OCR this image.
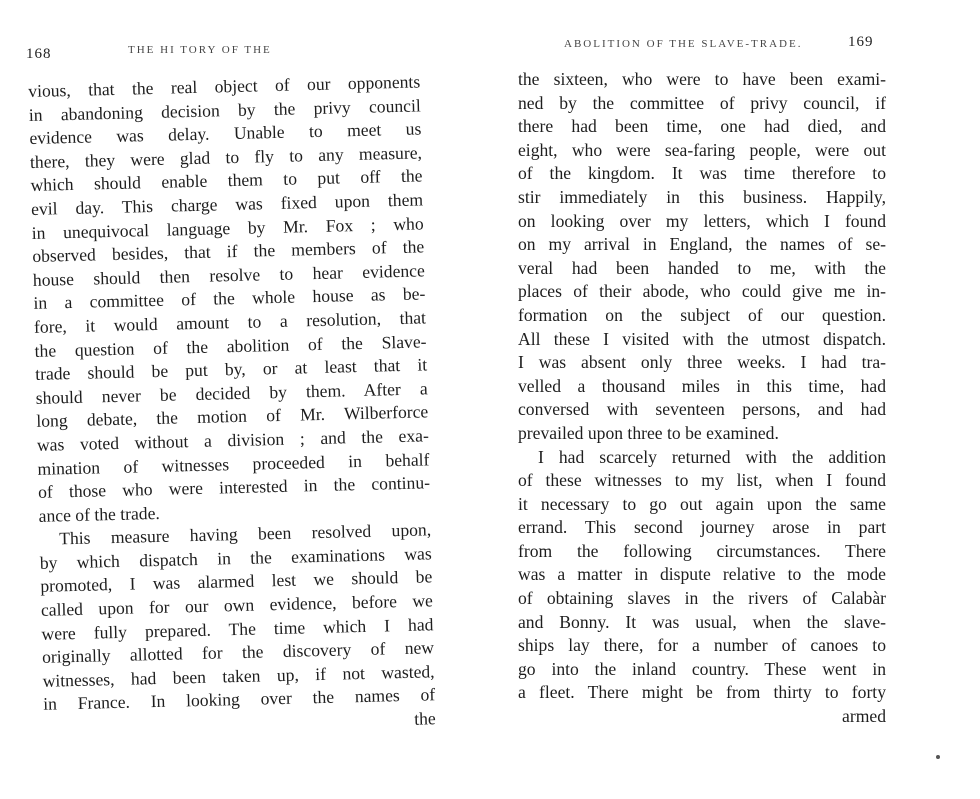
168	THE HI TORY OF THE
vious, that the real object of our opponents
in abandoning decision by the privy council
evidence was delay. Unable to meet us
there, they were glad to fly to any measure,
which should enable them to put off the
evil day. This charge was fixed upon them
in unequivocal language by Mr. Fox ; who
observed besides, that if the members of the
house should then resolve to hear evidence
in a committee of the whole house as be-
fore, it would amount to a resolution, that
the question of the abolition of the Slave-
trade should be put by, or at least that it
should never be decided by them. After a
long debate, the motion of Mr. Wilberforce
was voted without a division ; and the exa-
mination of witnesses proceeded in behalf
of those who were interested in the continu-
ance of the trade.
This measure having been resolved upon,
by which dispatch in the examinations was
promoted, I was alarmed lest we should be
called upon for our own evidence, before we
were fully prepared. The time which I had
originally allotted for the discovery of new
witnesses, had been taken up, if not wasted,
in France. In looking over the names of
the
ABOLITION OF THE SLAVE-TRADE.	169
the sixteen, who were to have been exami-
ned by the committee of privy council, if
there had been time, one had died, and
eight, who were sea-faring people, were out
of the kingdom. It was time therefore to
stir immediately in this business. Happily,
on looking over my letters, which I found
on my arrival in England, the names of se-
veral had been handed to me, with the
places of their abode, who could give me in-
formation on the subject of our question.
All these I visited with the utmost dispatch.
I was absent only three weeks. I had tra-
velled a thousand miles in this time, had
conversed with seventeen persons, and had
prevailed upon three to be examined.
I had scarcely returned with the addition
of these witnesses to my list, when I found
it necessary to go out again upon the same
errand. This second journey arose in part
from the following circumstances. There
was a matter in dispute relative to the mode
of obtaining slaves in the rivers of Calabàr
and Bonny. It was usual, when the slave-
ships lay there, for a number of canoes to
go into the inland country. These went in
a fleet. There might be from thirty to forty
armed
